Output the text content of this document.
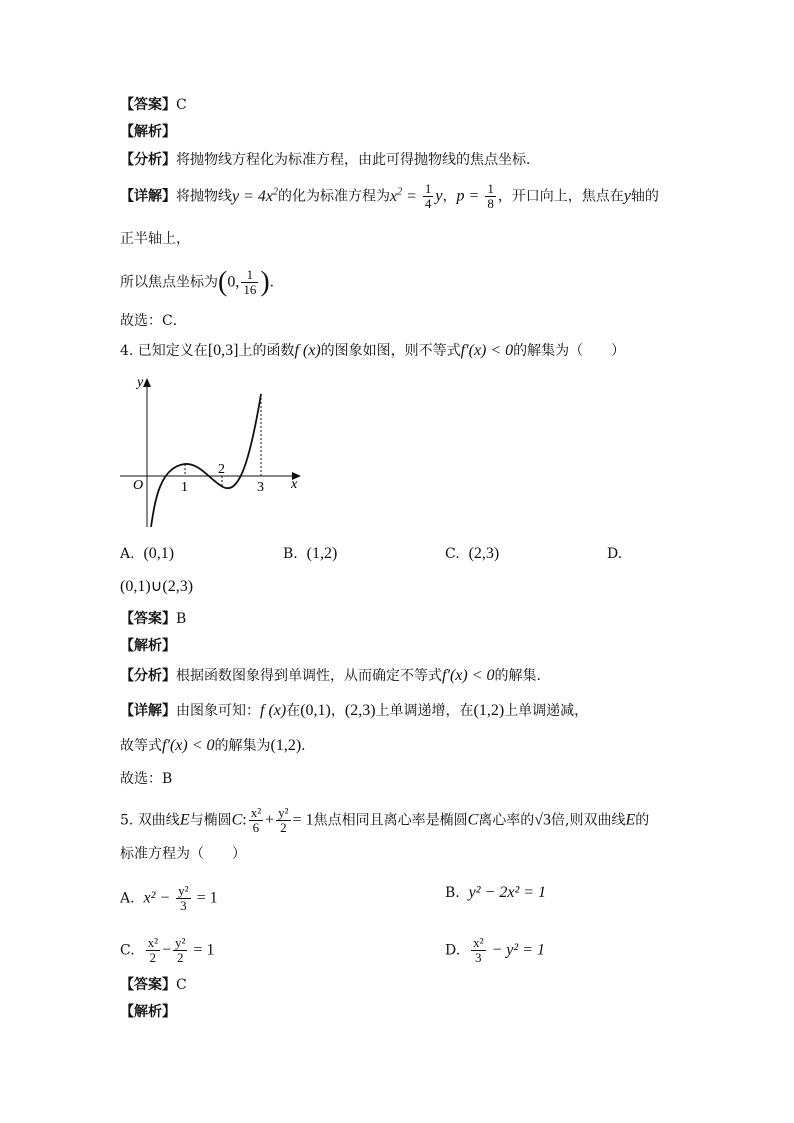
【答案】C
【解析】
【分析】将抛物线方程化为标准方程，由此可得抛物线的焦点坐标．
【详解】将抛物线$y = 4x^2$的化为标准方程为$x^2 = \frac{1}{4}$ y，$p = \frac{1}{8}$ ，开口向上，焦点在y轴的
正半轴上，
所以焦点坐标为(0, $\frac{1}{16}$ )．
故选：C．
4. 已知定义在[0,3]上的函数f (x)的图象如图，则不等式f′(x) < 0的解集为（　　）
y
x
O	1
2
3
A. (0,1)	B. (1,2)	C. (2,3)	D.
(0,1)∪(2,3)
【答案】B
【解析】
【分析】根据函数图象得到单调性，从而确定不等式f′(x) < 0的解集.
【详解】由图象可知：f (x)在(0,1)，(2,3)上单调递增，在(1,2)上单调递减，
故等式f′(x) < 0的解集为(1,2).
故选：B
5. 双曲线E与椭圆C: $\frac{\text{x²}}{6} + \frac{\text{y²}}{2} = 1$焦点相同且离心率是椭圆C离心率的√3倍,则双曲线E的
标准方程为（　　）
A. $x^2 - \frac{\text{y²}}{3} = 1$	B. y² − 2x² = 1
C. $\frac{\text{x²}}{2} - \frac{\text{y²}}{2} = 1$	D. $\frac{\text{x²}}{3} - y^2 = 1$
【答案】C
【解析】
